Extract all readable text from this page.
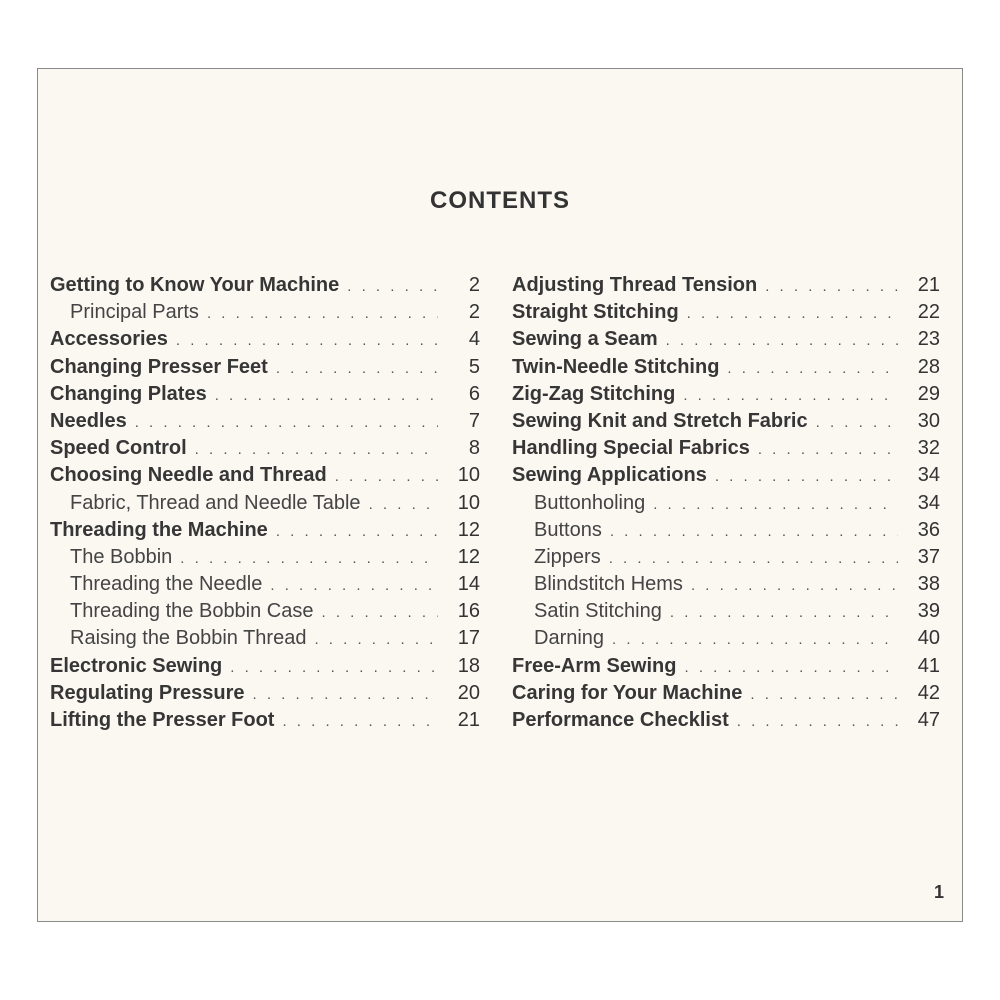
CONTENTS
Getting to Know Your Machine . . .	2
Principal Parts . . .	2
Accessories . . .	4
Changing Presser Feet . . .	5
Changing Plates . . .	6
Needles . . .	7
Speed Control . . .	8
Choosing Needle and Thread . . .	10
Fabric, Thread and Needle Table . . .	10
Threading the Machine . . .	12
The Bobbin . . .	12
Threading the Needle . . .	14
Threading the Bobbin Case . . .	16
Raising the Bobbin Thread . . .	17
Electronic Sewing . . .	18
Regulating Pressure . . .	20
Lifting the Presser Foot . . .	21
Adjusting Thread Tension . . .	21
Straight Stitching . . .	22
Sewing a Seam . . .	23
Twin-Needle Stitching . . .	28
Zig-Zag Stitching . . .	29
Sewing Knit and Stretch Fabric . . .	30
Handling Special Fabrics . . .	32
Sewing Applications . . .	34
Buttonholing . . .	34
Buttons . . .	36
Zippers . . .	37
Blindstitch Hems . . .	38
Satin Stitching . . .	39
Darning . . .	40
Free-Arm Sewing . . .	41
Caring for Your Machine . . .	42
Performance Checklist . . .	47
1
